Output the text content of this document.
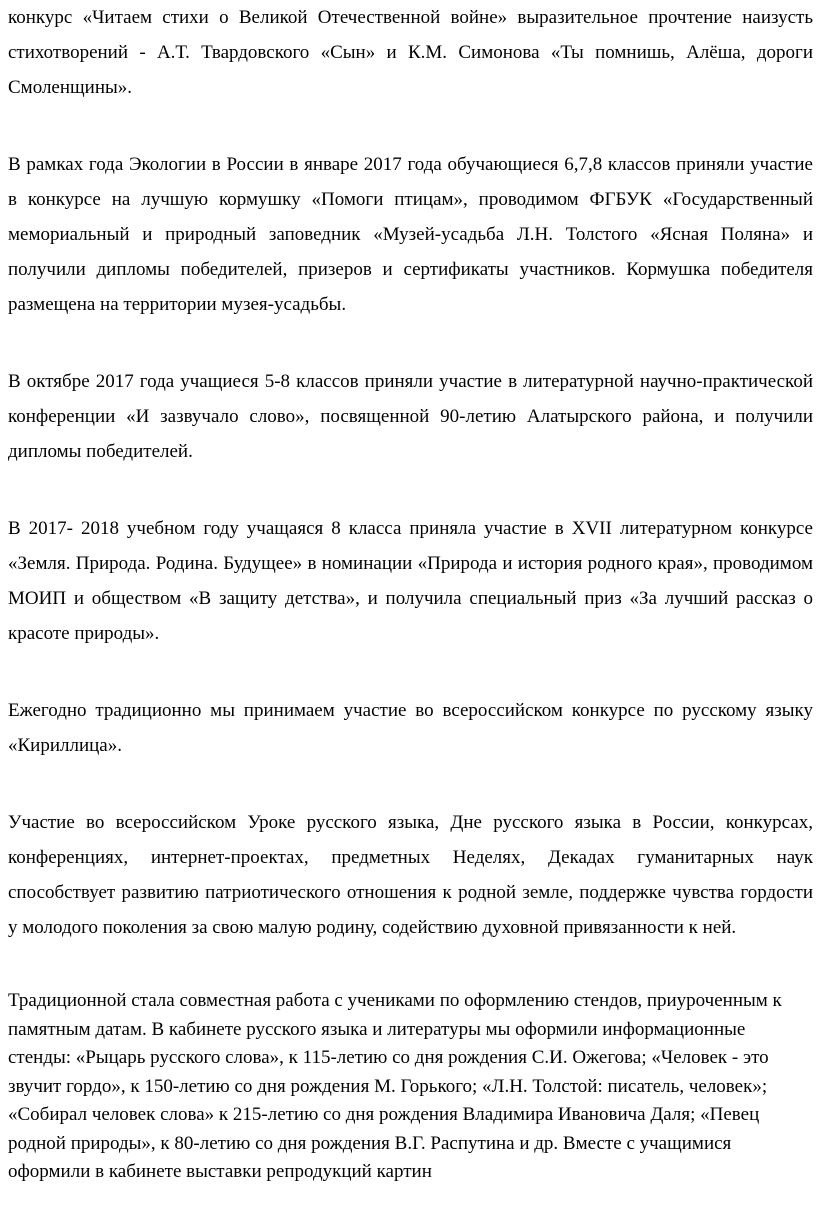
конкурс «Читаем стихи о Великой Отечественной войне» выразительное прочтение наизусть стихотворений - А.Т. Твардовского «Сын» и К.М. Симонова «Ты помнишь, Алёша, дороги Смоленщины».

В рамках года Экологии в России в январе 2017 года обучающиеся 6,7,8 классов приняли участие в конкурсе на лучшую кормушку «Помоги птицам», проводимом ФГБУК «Государственный мемориальный и природный заповедник «Музей-усадьба Л.Н. Толстого «Ясная Поляна» и получили дипломы победителей, призеров и сертификаты участников. Кормушка победителя размещена на территории музея-усадьбы.

В октябре 2017 года учащиеся 5-8 классов приняли участие в литературной научно-практической конференции «И зазвучало слово», посвященной 90-летию Алатырского района, и получили дипломы победителей.

В 2017- 2018 учебном году учащаяся 8 класса приняла участие в XVII литературном конкурсе «Земля. Природа. Родина. Будущее» в номинации «Природа и история родного края», проводимом МОИП и обществом «В защиту детства», и получила специальный приз «За лучший рассказ о красоте природы».

Ежегодно традиционно мы принимаем участие во всероссийском конкурсе по русскому языку «Кириллица».

Участие во всероссийском Уроке русского языка, Дне русского языка в России, конкурсах, конференциях, интернет-проектах, предметных Неделях, Декадах гуманитарных наук способствует развитию патриотического отношения к родной земле, поддержке чувства гордости у молодого поколения за свою малую родину, содействию духовной привязанности к ней.

Традиционной стала совместная работа с учениками по оформлению стендов, приуроченным к памятным датам. В кабинете русского языка и литературы мы оформили информационные стенды: «Рыцарь русского слова», к 115-летию со дня рождения С.И. Ожегова; «Человек - это звучит гордо», к 150-летию со дня рождения М. Горького; «Л.Н. Толстой: писатель, человек»; «Собирал человек слова» к 215-летию со дня рождения Владимира Ивановича Даля; «Певец родной природы», к 80-летию со дня рождения В.Г. Распутина и др. Вместе с учащимися оформили в кабинете выставки репродукций картин
